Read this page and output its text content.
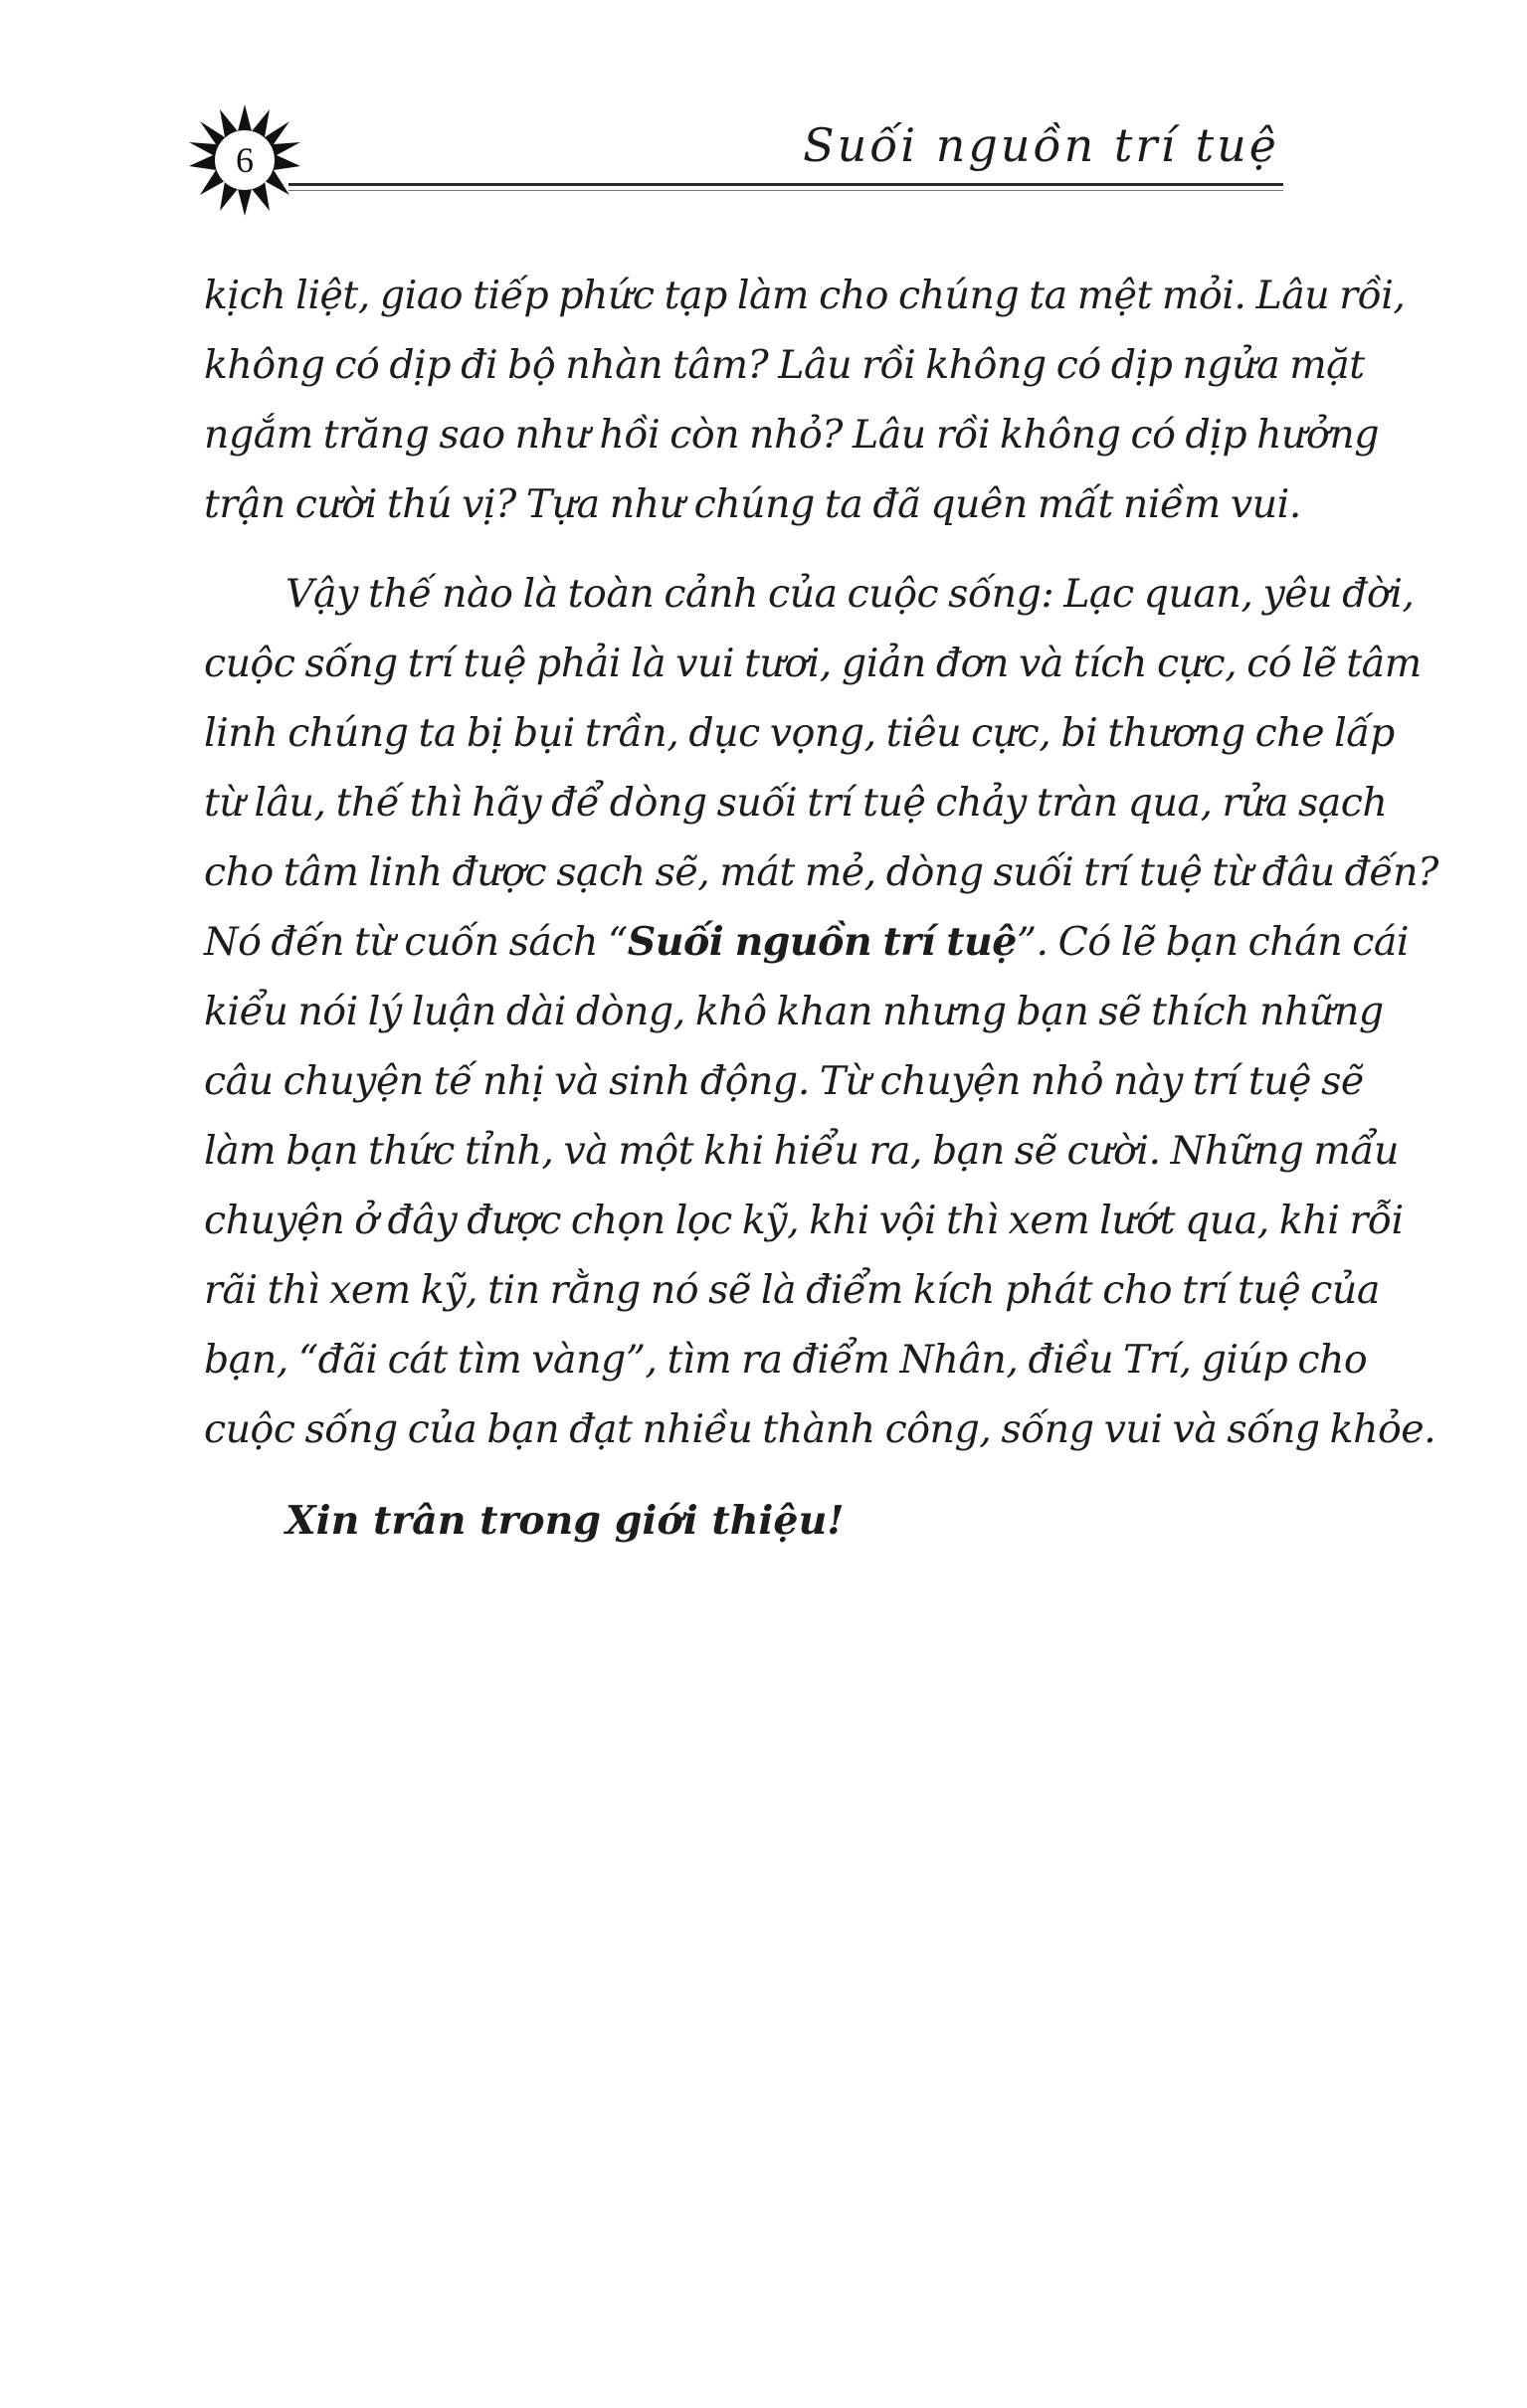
6	Suối nguồn trí tuệ

kịch liệt, giao tiếp phức tạp làm cho chúng ta mệt mỏi. Lâu rồi,
không có dịp đi bộ nhàn tâm? Lâu rồi không có dịp ngửa mặt
ngắm trăng sao như hồi còn nhỏ? Lâu rồi không có dịp hưởng
trận cười thú vị? Tựa như chúng ta đã quên mất niềm vui.

Vậy thế nào là toàn cảnh của cuộc sống: Lạc quan, yêu đời,
cuộc sống trí tuệ phải là vui tươi, giản đơn và tích cực, có lẽ tâm
linh chúng ta bị bụi trần, dục vọng, tiêu cực, bi thương che lấp
từ lâu, thế thì hãy để dòng suối trí tuệ chảy tràn qua, rửa sạch
cho tâm linh được sạch sẽ, mát mẻ, dòng suối trí tuệ từ đâu đến?
Nó đến từ cuốn sách “Suối nguồn trí tuệ”. Có lẽ bạn chán cái
kiểu nói lý luận dài dòng, khô khan nhưng bạn sẽ thích những
câu chuyện tế nhị và sinh động. Từ chuyện nhỏ này trí tuệ sẽ
làm bạn thức tỉnh, và một khi hiểu ra, bạn sẽ cười. Những mẩu
chuyện ở đây được chọn lọc kỹ, khi vội thì xem lướt qua, khi rỗi
rãi thì xem kỹ, tin rằng nó sẽ là điểm kích phát cho trí tuệ của
bạn, “đãi cát tìm vàng”, tìm ra điểm Nhân, điều Trí, giúp cho
cuộc sống của bạn đạt nhiều thành công, sống vui và sống khỏe.

Xin trân trong giới thiệu!
